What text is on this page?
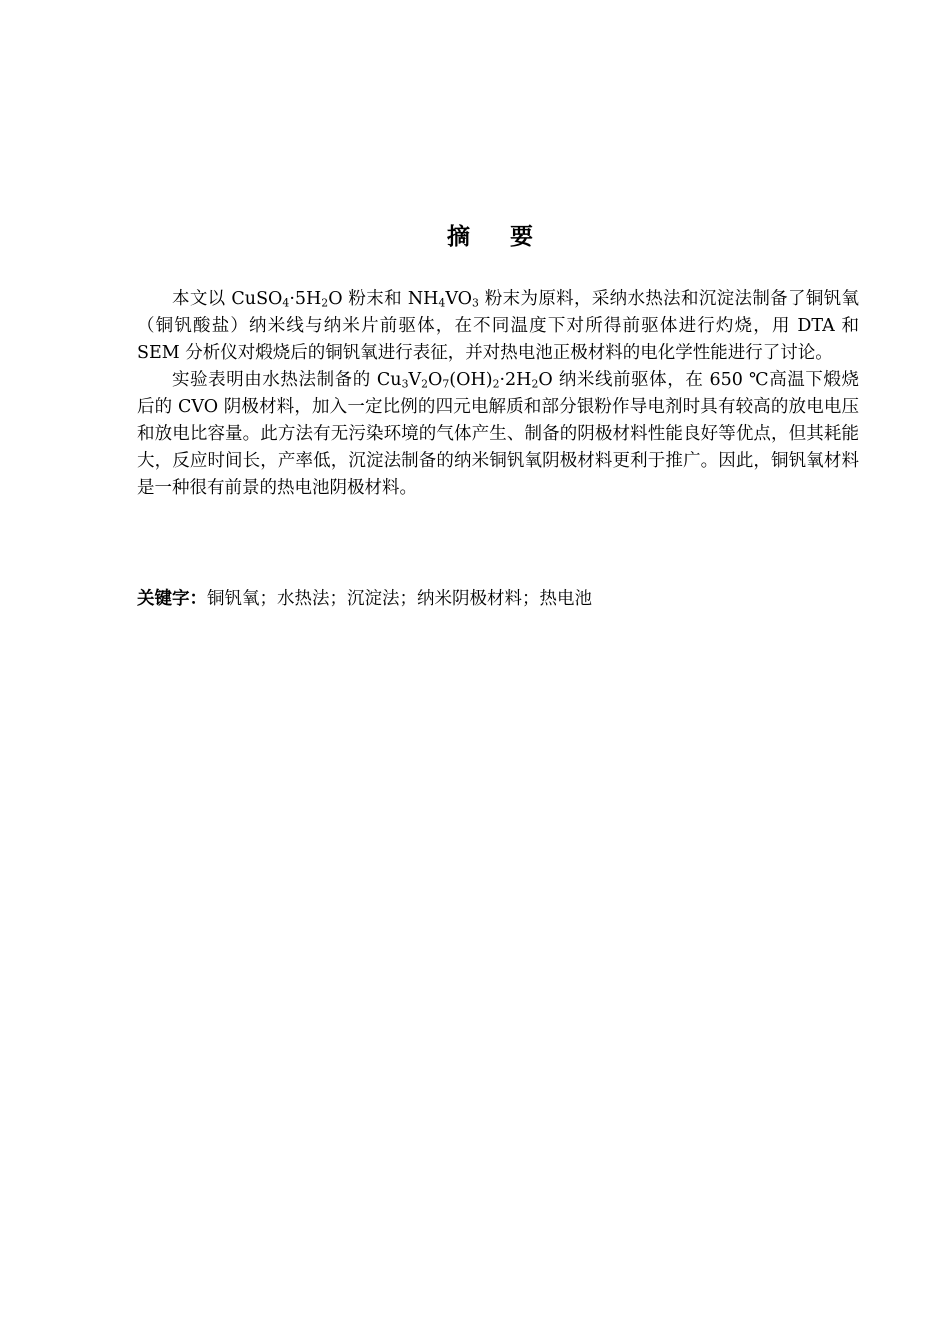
摘 要

本文以 $CuSO_4\cdot 5H_2O$ 粉末和 $NH_4VO_3$ 粉末为原料，采纳水热法和沉淀法制备了铜钒氧（铜钒酸盐）纳米线与纳米片前驱体，在不同温度下对所得前驱体进行灼烧，用 DTA 和 SEM 分析仪对煅烧后的铜钒氧进行表征，并对热电池正极材料的电化学性能进行了讨论。

实验表明由水热法制备的 $Cu_3V_2O_7(OH)_2\cdot 2H_2O$ 纳米线前驱体，在 650 ℃高温下煅烧后的 CVO 阴极材料，加入一定比例的四元电解质和部分银粉作导电剂时具有较高的放电电压和放电比容量。此方法有无污染环境的气体产生、制备的阴极材料性能良好等优点，但其耗能大，反应时间长，产率低，沉淀法制备的纳米铜钒氧阴极材料更利于推广。因此，铜钒氧材料是一种很有前景的热电池阴极材料。

关键字：铜钒氧；水热法；沉淀法；纳米阴极材料；热电池
